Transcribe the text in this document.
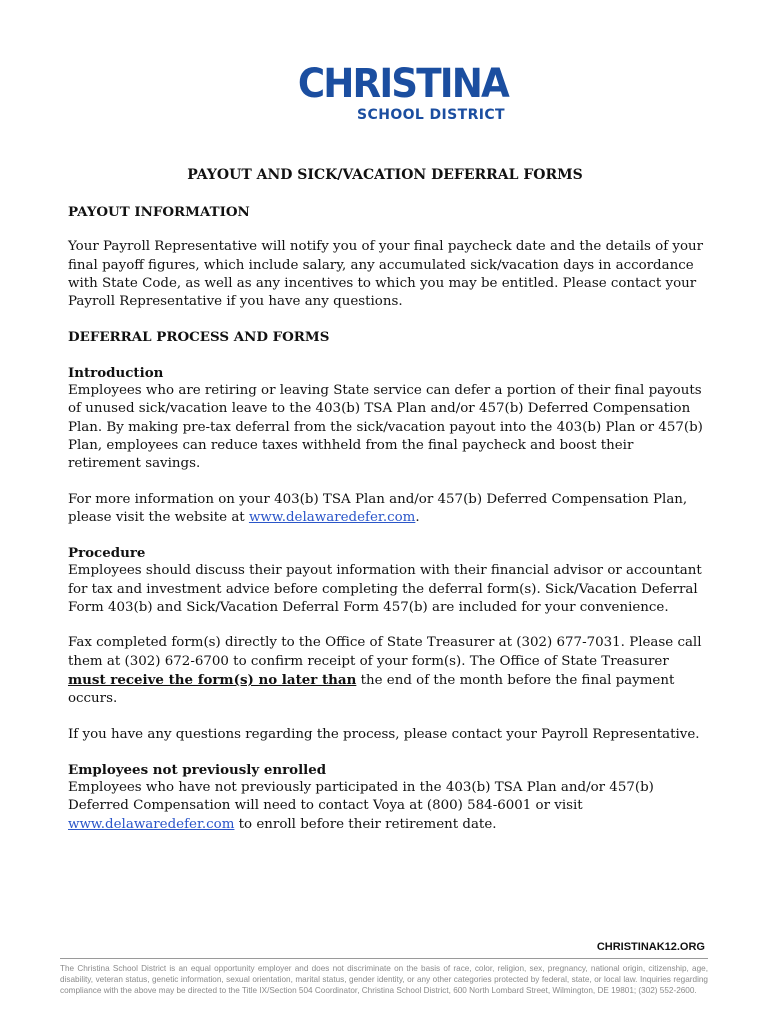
CHRISTINA
SCHOOL DISTRICT
PAYOUT AND SICK/VACATION DEFERRAL FORMS
PAYOUT INFORMATION

Your Payroll Representative will notify you of your final paycheck date and the details of your final payoff figures, which include salary, any accumulated sick/vacation days in accordance with State Code, as well as any incentives to which you may be entitled. Please contact your Payroll Representative if you have any questions.

DEFERRAL PROCESS AND FORMS
Introduction

Employees who are retiring or leaving State service can defer a portion of their final payouts of unused sick/vacation leave to the 403(b) TSA Plan and/or 457(b) Deferred Compensation Plan. By making pre-tax deferral from the sick/vacation payout into the 403(b) Plan or 457(b) Plan, employees can reduce taxes withheld from the final paycheck and boost their retirement savings.

For more information on your 403(b) TSA Plan and/or 457(b) Deferred Compensation Plan, please visit the website at www.delawaredefer.com.

Procedure

Employees should discuss their payout information with their financial advisor or accountant for tax and investment advice before completing the deferral form(s). Sick/Vacation Deferral Form 403(b) and Sick/Vacation Deferral Form 457(b) are included for your convenience.

Fax completed form(s) directly to the Office of State Treasurer at (302) 677-7031. Please call them at (302) 672-6700 to confirm receipt of your form(s). The Office of State Treasurer must receive the form(s) no later than the end of the month before the final payment occurs.

If you have any questions regarding the process, please contact your Payroll Representative.

Employees not previously enrolled

Employees who have not previously participated in the 403(b) TSA Plan and/or 457(b) Deferred Compensation will need to contact Voya at (800) 584-6001 or visit www.delawaredefer.com to enroll before their retirement date.

CHRISTINAK12.ORG

The Christina School District is an equal opportunity employer and does not discriminate on the basis of race, color, religion, sex, pregnancy, national origin, citizenship, age, disability, veteran status, genetic information, sexual orientation, marital status, gender identity, or any other categories protected by federal, state, or local law. Inquiries regarding compliance with the above may be directed to the Title IX/Section 504 Coordinator, Christina School District, 600 North Lombard Street, Wilmington, DE 19801; (302) 552-2600.
